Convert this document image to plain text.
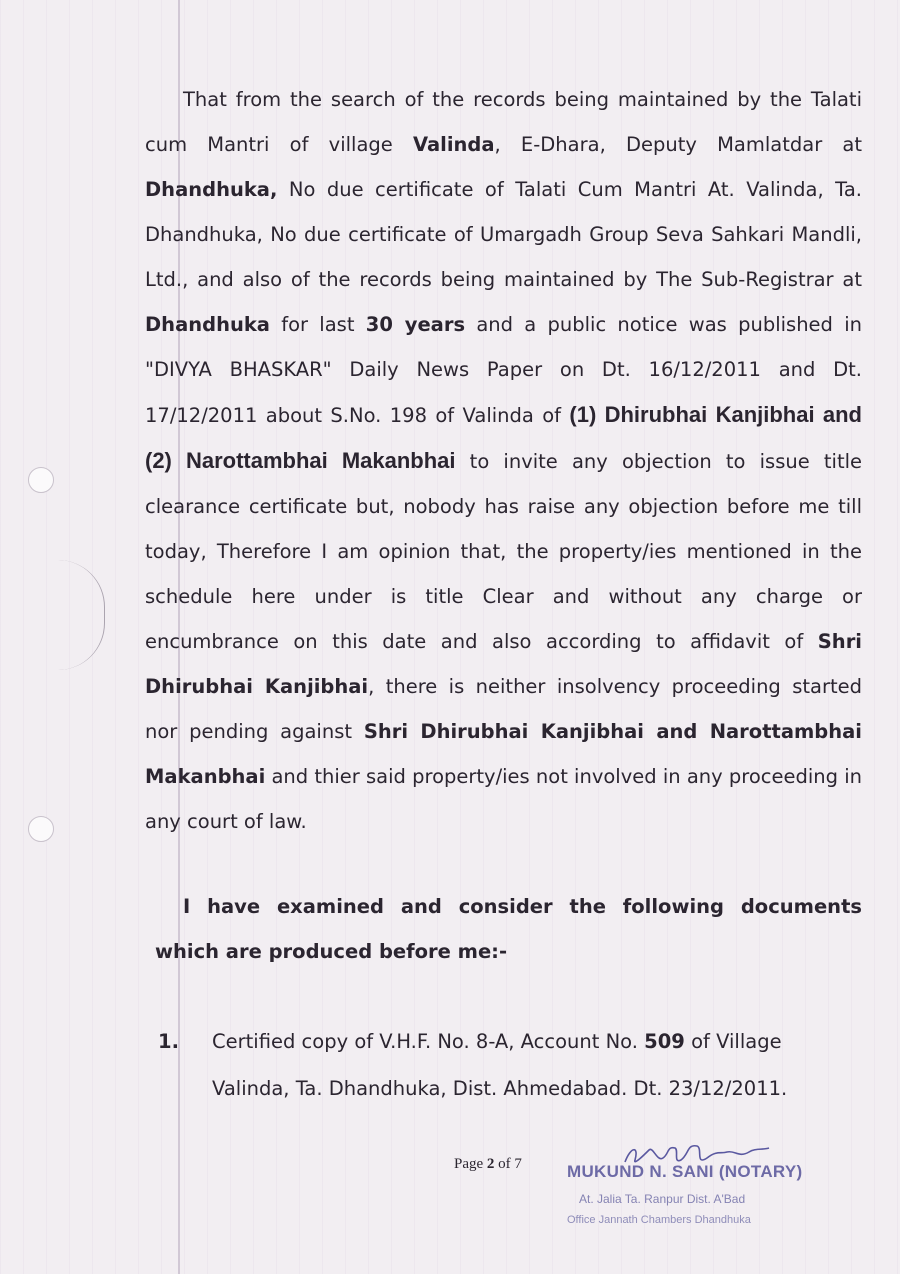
That from the search of the records being maintained by the Talati cum Mantri of village Valinda, E-Dhara, Deputy Mamlatdar at Dhandhuka, No due certificate of Talati Cum Mantri At. Valinda, Ta. Dhandhuka, No due certificate of Umargadh Group Seva Sahkari Mandli, Ltd., and also of the records being maintained by The Sub-Registrar at Dhandhuka for last 30 years and a public notice was published in "DIVYA BHASKAR" Daily News Paper on Dt. 16/12/2011 and Dt. 17/12/2011 about S.No. 198 of Valinda of (1) Dhirubhai Kanjibhai and (2) Narottambhai Makanbhai to invite any objection to issue title clearance certificate but, nobody has raise any objection before me till today, Therefore I am opinion that, the property/ies mentioned in the schedule here under is title Clear and without any charge or encumbrance on this date and also according to affidavit of Shri Dhirubhai Kanjibhai, there is neither insolvency proceeding started nor pending against Shri Dhirubhai Kanjibhai and Narottambhai Makanbhai and thier said property/ies not involved in any proceeding in any court of law.

I have examined and consider the following documents which are produced before me:-

1. Certified copy of V.H.F. No. 8-A, Account No. 509 of Village Valinda, Ta. Dhandhuka, Dist. Ahmedabad. Dt. 23/12/2011.
Page 2 of 7	MUKUND N. SANI (NOTARY)
At. Jalia Ta. Ranpur Dist. A'Bad
Office Jannath Chambers Dhandhuka
